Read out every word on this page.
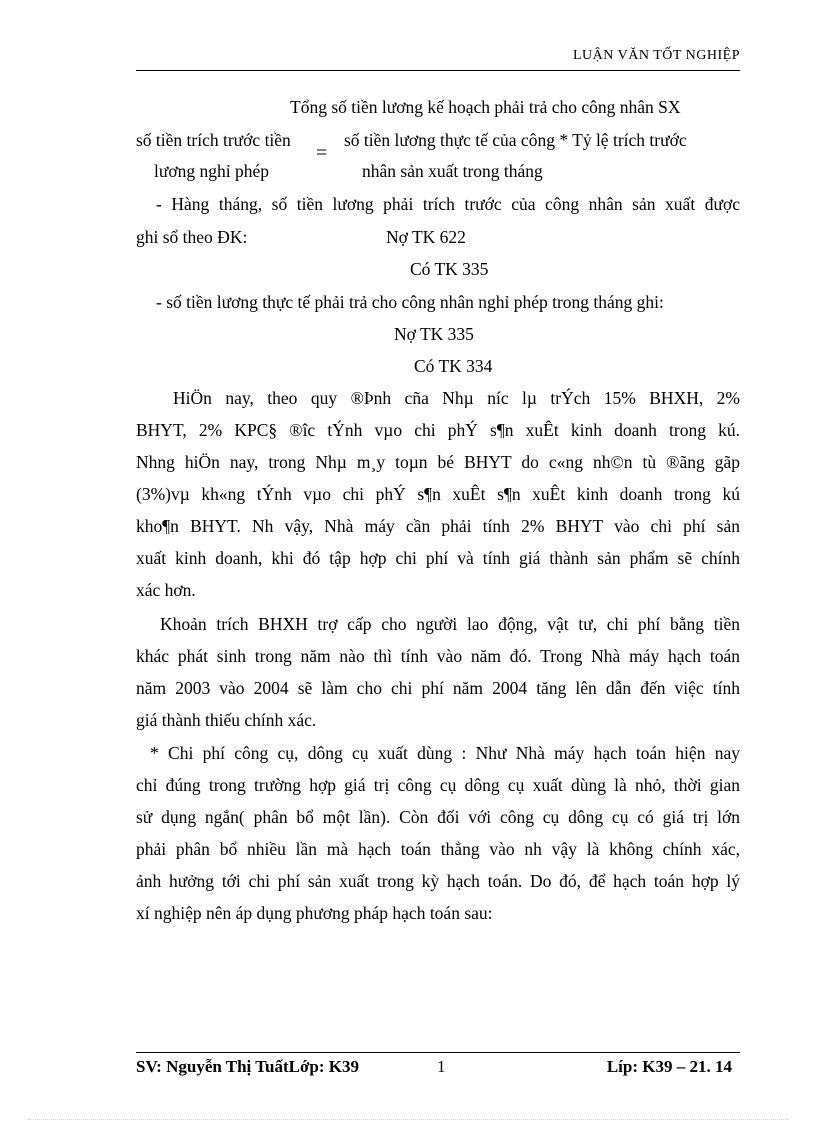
LUẬN VĂN TỐT NGHIỆP
Tổng số tiền lương kế hoạch phải trả cho công nhân SX
số tiền trích trước tiền
lương nghỉ phép
=
số tiền lương thực tế của công * Tỷ lệ trích trước
nhân sản xuất trong tháng
- Hàng tháng, số tiền lương phải trích trước của công nhân sản xuất được
ghi sổ theo ĐK:	Nợ TK 622
Có TK 335
- số tiền lương thực tế phải trả cho công nhân nghỉ phép trong tháng ghi:
Nợ TK 335
Có TK 334
HiÖn nay, theo quy ®Þnh cña Nhµ níc lµ trÝch 15% BHXH, 2%
BHYT, 2% KPC§ ®îc tÝnh vµo chi phÝ s¶n xuÊt kinh doanh trong kú.
Nhng hiÖn nay, trong Nhµ m¸y toµn bé BHYT do c«ng nh©n tù ®ãng gãp
(3%)vµ kh«ng tÝnh vµo chi phÝ s¶n xuÊt s¶n xuÊt kinh doanh trong kú
kho¶n BHYT. Nh vậy, Nhà máy cần phải tính 2% BHYT vào chi phí sản
xuất kinh doanh, khi đó tập hợp chi phí và tính giá thành sản phẩm sẽ chính
xác hơn.
Khoản trích BHXH trợ cấp cho người lao động, vật tư, chi phí bằng tiền
khác phát sinh trong năm nào thì tính vào năm đó. Trong Nhà máy hạch toán
năm 2003 vào 2004 sẽ làm cho chi phí năm 2004 tăng lên dẫn đến việc tính
giá thành thiếu chính xác.
* Chi phí công cụ, dông cụ xuất dùng : Như Nhà máy hạch toán hiện nay
chỉ đúng trong trường hợp giá trị công cụ dông cụ xuất dùng là nhỏ, thời gian
sử dụng ngắn( phân bổ một lần). Còn đối với công cụ dông cụ có giá trị lớn
phải phân bổ nhiều lần mà hạch toán thẳng vào nh vậy là không chính xác,
ảnh hưởng tới chi phí sản xuất trong kỳ hạch toán. Do đó, để hạch toán hợp lý
xí nghiệp nên áp dụng phương pháp hạch toán sau:
SV: Nguyễn Thị TuấtLớp: K39	1	Líp: K39 – 21. 14
